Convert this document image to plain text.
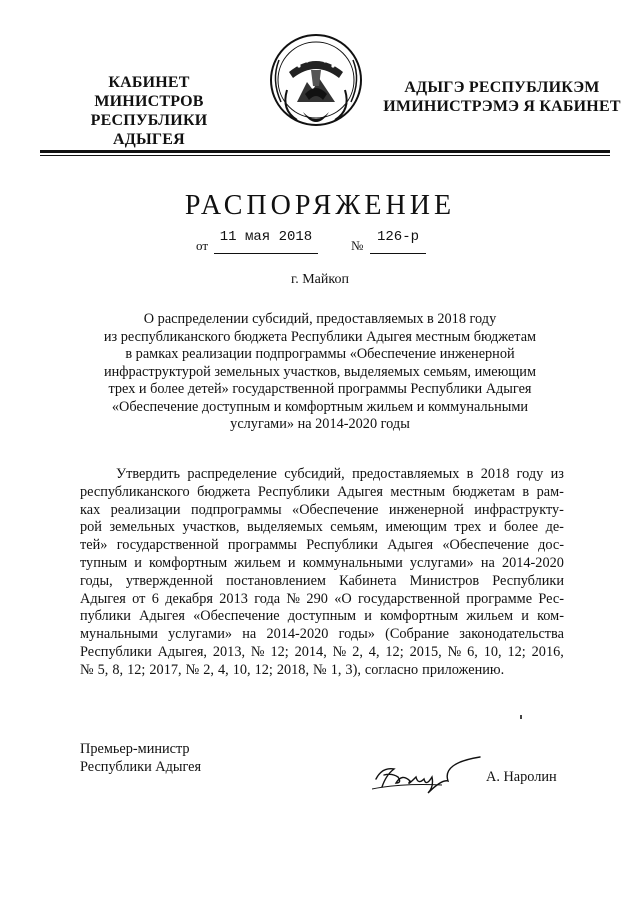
КАБИНЕТ МИНИСТРОВ
РЕСПУБЛИКИ АДЫГЕЯ
АДЫГЭ РЕСПУБЛИКЭМ
ИМИНИСТРЭМЭ Я КАБИНЕТ
РАСПОРЯЖЕНИЕ
от
11 мая 2018
№
126-р
г. Майкоп
О распределении субсидий, предоставляемых в 2018 году
из республиканского бюджета Республики Адыгея местным бюджетам
в рамках реализации подпрограммы «Обеспечение инженерной
инфраструктурой земельных участков, выделяемых семьям, имеющим
трех и более детей» государственной программы Республики Адыгея
«Обеспечение доступным и комфортным жильем и коммунальными
услугами» на 2014-2020 годы
Утвердить распределение субсидий, предоставляемых в 2018 году из
республиканского бюджета Республики Адыгея местным бюджетам в рам-
ках реализации подпрограммы «Обеспечение инженерной инфраструкту-
рой земельных участков, выделяемых семьям, имеющим трех и более де-
тей» государственной программы Республики Адыгея «Обеспечение дос-
тупным и комфортным жильем и коммунальными услугами» на 2014-2020
годы, утвержденной постановлением Кабинета Министров Республики
Адыгея от 6 декабря 2013 года № 290 «О государственной программе Рес-
публики Адыгея «Обеспечение доступным и комфортным жильем и ком-
мунальными услугами» на 2014-2020 годы» (Собрание законодательства
Республики Адыгея, 2013, № 12; 2014, № 2, 4, 12; 2015, № 6, 10, 12; 2016,
№ 5, 8, 12; 2017, № 2, 4, 10, 12; 2018, № 1, 3), согласно приложению.
Премьер-министр
Республики Адыгея
А. Наролин
